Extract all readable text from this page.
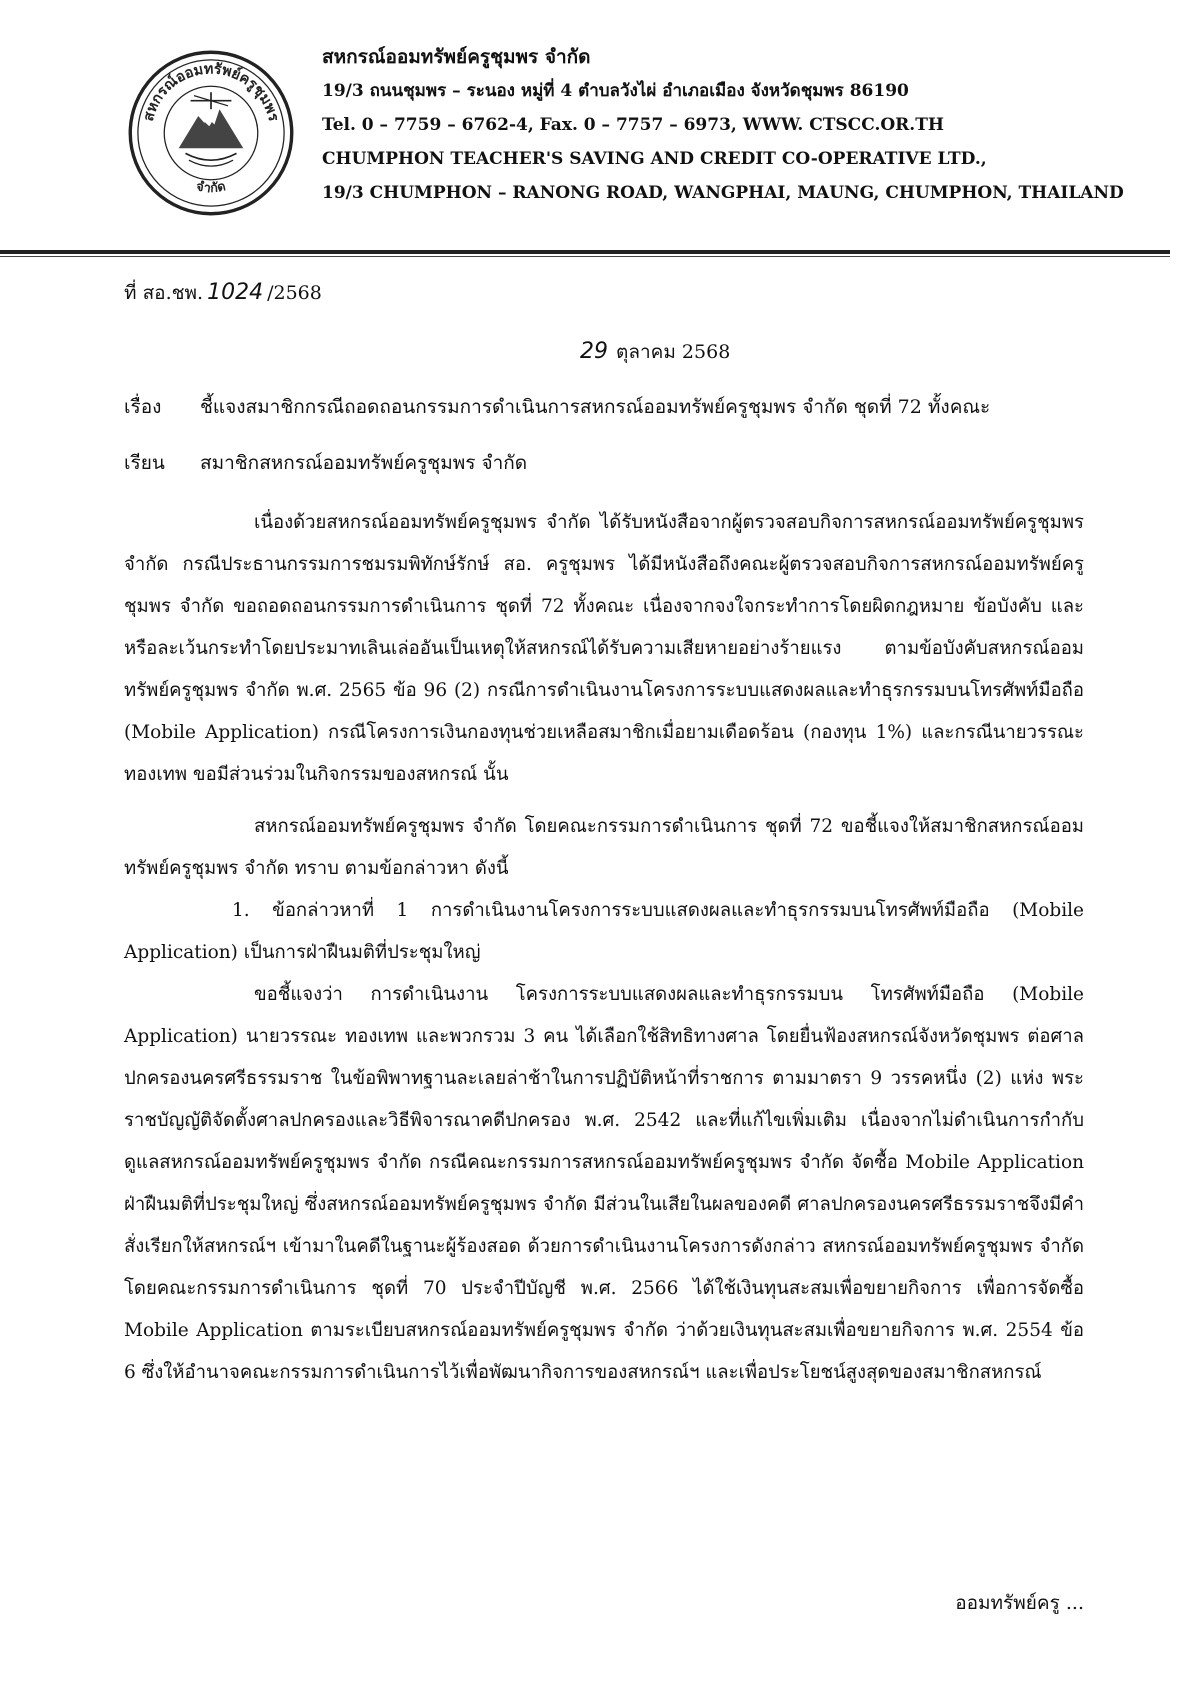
สหกรณ์ออมทรัพย์ครูชุมพร
จำกัด
สหกรณ์ออมทรัพย์ครูชุมพร จำกัด
19/3 ถนนชุมพร – ระนอง หมู่ที่ 4 ตำบลวังไผ่ อำเภอเมือง จังหวัดชุมพร 86190
Tel. 0 – 7759 – 6762-4, Fax. 0 – 7757 – 6973, WWW. CTSCC.OR.TH
CHUMPHON TEACHER'S SAVING AND CREDIT CO-OPERATIVE LTD.,
19/3 CHUMPHON – RANONG ROAD, WANGPHAI, MAUNG, CHUMPHON, THAILAND
ที่ สอ.ชพ. 1024 /2568
29 ตุลาคม 2568
เรื่อง ชี้แจงสมาชิกกรณีถอดถอนกรรมการดำเนินการสหกรณ์ออมทรัพย์ครูชุมพร จำกัด ชุดที่ 72 ทั้งคณะ
เรียน สมาชิกสหกรณ์ออมทรัพย์ครูชุมพร จำกัด

เนื่องด้วยสหกรณ์ออมทรัพย์ครูชุมพร จำกัด ได้รับหนังสือจากผู้ตรวจสอบกิจการสหกรณ์ออมทรัพย์ครูชุมพร จำกัด กรณีประธานกรรมการชมรมพิทักษ์รักษ์ สอ. ครูชุมพร ได้มีหนังสือถึงคณะผู้ตรวจสอบกิจการสหกรณ์ออมทรัพย์ครูชุมพร จำกัด ขอถอดถอนกรรมการดำเนินการ ชุดที่ 72 ทั้งคณะ เนื่องจากจงใจกระทำการโดยผิดกฎหมาย ข้อบังคับ และหรือละเว้นกระทำโดยประมาทเลินเล่ออันเป็นเหตุให้สหกรณ์ได้รับความเสียหายอย่างร้ายแรง ตามข้อบังคับสหกรณ์ออมทรัพย์ครูชุมพร จำกัด พ.ศ. 2565 ข้อ 96 (2) กรณีการดำเนินงานโครงการระบบแสดงผลและทำธุรกรรมบนโทรศัพท์มือถือ (Mobile Application) กรณีโครงการเงินกองทุนช่วยเหลือสมาชิกเมื่อยามเดือดร้อน (กองทุน 1%) และกรณีนายวรรณะ ทองเทพ ขอมีส่วนร่วมในกิจกรรมของสหกรณ์ นั้น

สหกรณ์ออมทรัพย์ครูชุมพร จำกัด โดยคณะกรรมการดำเนินการ ชุดที่ 72 ขอชี้แจงให้สมาชิกสหกรณ์ออมทรัพย์ครูชุมพร จำกัด ทราบ ตามข้อกล่าวหา ดังนี้

1. ข้อกล่าวหาที่ 1 การดำเนินงานโครงการระบบแสดงผลและทำธุรกรรมบนโทรศัพท์มือถือ (Mobile Application) เป็นการฝ่าฝืนมติที่ประชุมใหญ่

ขอชี้แจงว่า การดำเนินงาน โครงการระบบแสดงผลและทำธุรกรรมบน โทรศัพท์มือถือ (Mobile Application) นายวรรณะ ทองเทพ และพวกรวม 3 คน ได้เลือกใช้สิทธิทางศาล โดยยื่นฟ้องสหกรณ์จังหวัดชุมพร ต่อศาลปกครองนครศรีธรรมราช ในข้อพิพาทฐานละเลยล่าช้าในการปฏิบัติหน้าที่ราชการ ตามมาตรา 9 วรรคหนึ่ง (2) แห่ง พระราชบัญญัติจัดตั้งศาลปกครองและวิธีพิจารณาคดีปกครอง พ.ศ. 2542 และที่แก้ไขเพิ่มเติม เนื่องจากไม่ดำเนินการกำกับดูแลสหกรณ์ออมทรัพย์ครูชุมพร จำกัด กรณีคณะกรรมการสหกรณ์ออมทรัพย์ครูชุมพร จำกัด จัดซื้อ Mobile Application ฝ่าฝืนมติที่ประชุมใหญ่ ซึ่งสหกรณ์ออมทรัพย์ครูชุมพร จำกัด มีส่วนในเสียในผลของคดี ศาลปกครองนครศรีธรรมราชจึงมีคำสั่งเรียกให้สหกรณ์ฯ เข้ามาในคดีในฐานะผู้ร้องสอด ด้วยการดำเนินงานโครงการดังกล่าว สหกรณ์ออมทรัพย์ครูชุมพร จำกัด โดยคณะกรรมการดำเนินการ ชุดที่ 70 ประจำปีบัญชี พ.ศ. 2566 ได้ใช้เงินทุนสะสมเพื่อขยายกิจการ เพื่อการจัดซื้อ Mobile Application ตามระเบียบสหกรณ์ออมทรัพย์ครูชุมพร จำกัด ว่าด้วยเงินทุนสะสมเพื่อขยายกิจการ พ.ศ. 2554 ข้อ 6 ซึ่งให้อำนาจคณะกรรมการดำเนินการไว้เพื่อพัฒนากิจการของสหกรณ์ฯ และเพื่อประโยชน์สูงสุดของสมาชิกสหกรณ์

ออมทรัพย์ครู ...
